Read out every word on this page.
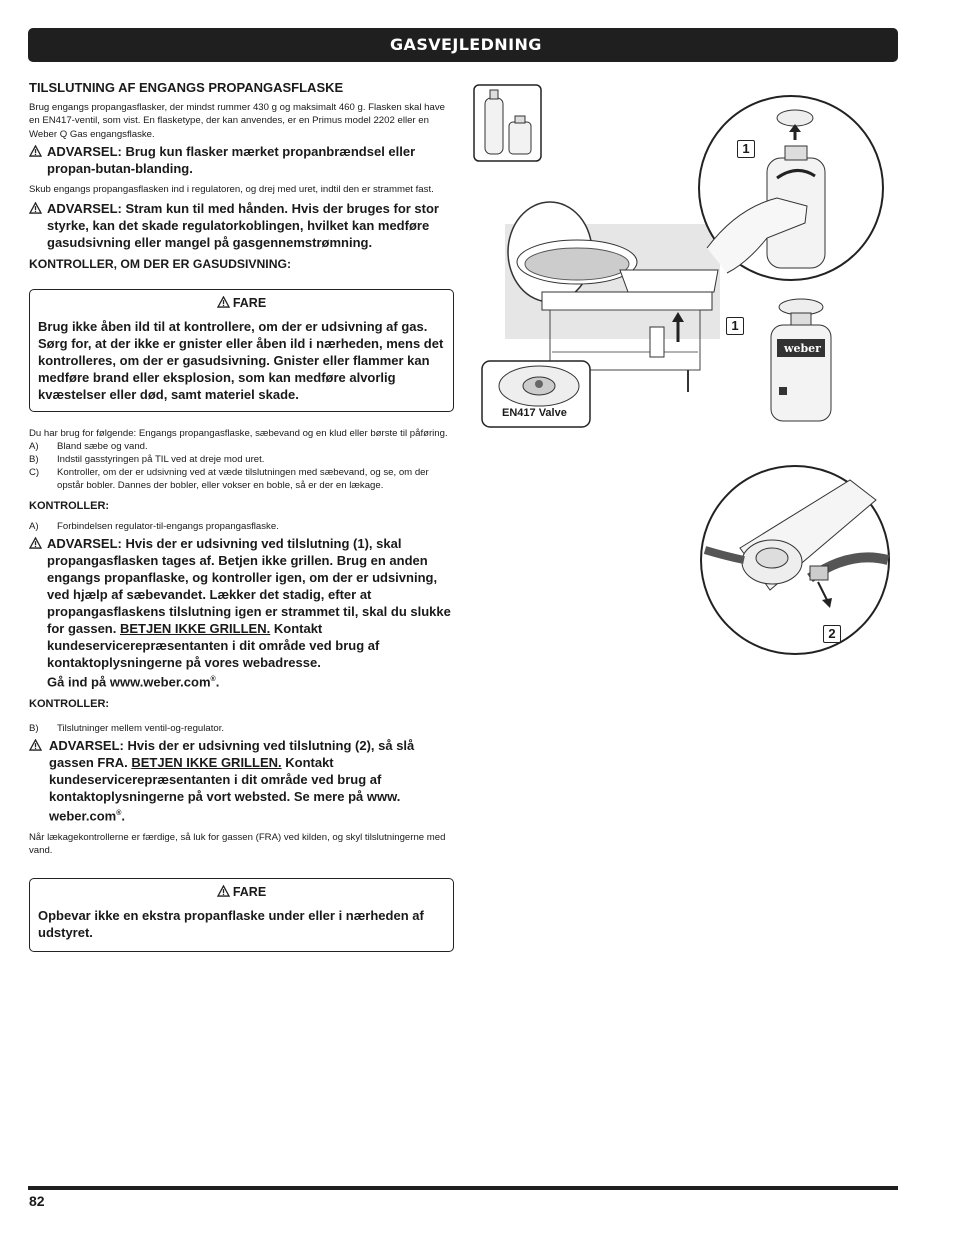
GASVEJLEDNING
TILSLUTNING AF ENGANGS PROPANGASFLASKE

Brug engangs propangasflasker, der mindst rummer 430 g og maksimalt 460 g. Flasken skal have en EN417-ventil, som vist. En flasketype, der kan anvendes, er en Primus model 2202 eller en Weber Q Gas engangsflaske.

ADVARSEL: Brug kun flasker mærket propanbrændsel eller propan-butan-blanding.

Skub engangs propangasflasken ind i regulatoren, og drej med uret, indtil den er strammet fast.

ADVARSEL: Stram kun til med hånden. Hvis der bruges for stor styrke, kan det skade regulatorkoblingen, hvilket kan medføre gasudsivning eller mangel på gasgennemstrømning.
KONTROLLER, OM DER ER GASUDSIVNING:
FARE
Brug ikke åben ild til at kontrollere, om der er udsivning af gas. Sørg for, at der ikke er gnister eller åben ild i nærheden, mens det kontrolleres, om der er gasudsivning. Gnister eller flammer kan medføre brand eller eksplosion, som kan medføre alvorlig kvæstelser eller død, samt materiel skade.

Du har brug for følgende: Engangs propangasflaske, sæbevand og en klud eller børste til påføring.

A) Bland sæbe og vand.
B) Indstil gasstyringen på TIL ved at dreje mod uret.
C) Kontroller, om der er udsivning ved at væde tilslutningen med sæbevand, og se, om der opstår bobler. Dannes der bobler, eller vokser en boble, så er der en lækage.
KONTROLLER:
A) Forbindelsen regulator-til-engangs propangasflaske.
ADVARSEL: Hvis der er udsivning ved tilslutning (1), skal propangasflasken tages af. Betjen ikke grillen. Brug en anden engangs propanflaske, og kontroller igen, om der er udsivning, ved hjælp af sæbevandet. Lækker det stadig, efter at propangasflaskens tilslutning igen er strammet til, skal du slukke for gassen. BETJEN IKKE GRILLEN. Kontakt kundeservicerepræsentanten i dit område ved brug af kontaktoplysningerne på vores webadresse.
Gå ind på www.weber.com®.
KONTROLLER:
B) Tilslutninger mellem ventil-og-regulator.
ADVARSEL: Hvis der er udsivning ved tilslutning (2), så slå gassen FRA. BETJEN IKKE GRILLEN. Kontakt kundeservicerepræsentanten i dit område ved brug af kontaktoplysningerne på vort websted. Se mere på www. weber.com®.

Når lækagekontrollerne er færdige, så luk for gassen (FRA) ved kilden, og skyl tilslutningerne med vand.

FARE
Opbevar ikke en ekstra propanflaske under eller i nærheden af udstyret.
EN417 Valve
1
weber
1
2
82
